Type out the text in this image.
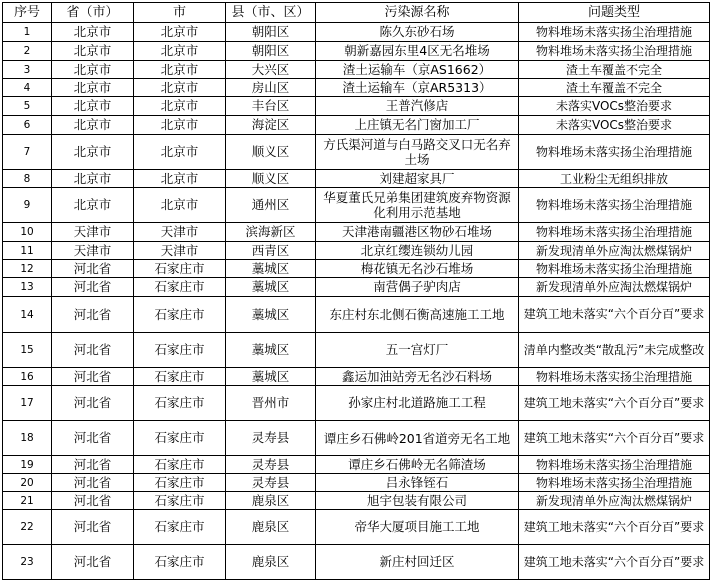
序号	省（市）	市	县（市、区）	污染源名称	问题类型
1	北京市	北京市	朝阳区	陈久东砂石场	物料堆场未落实扬尘治理措施
2	北京市	北京市	朝阳区	朝新嘉园东里4区无名堆场	物料堆场未落实扬尘治理措施
3	北京市	北京市	大兴区	渣土运输车（京AS1662）	渣土车覆盖不完全
4	北京市	北京市	房山区	渣土运输车（京AR5313）	渣土车覆盖不完全
5	北京市	北京市	丰台区	王普汽修店	未落实VOCs整治要求
6	北京市	北京市	海淀区	上庄镇无名门窗加工厂	未落实VOCs整治要求
7	北京市	北京市	顺义区	方氏渠河道与白马路交叉口无名弃土场	物料堆场未落实扬尘治理措施
8	北京市	北京市	顺义区	刘建超家具厂	工业粉尘无组织排放
9	北京市	北京市	通州区	华夏董氏兄弟集团建筑废弃物资源化利用示范基地	物料堆场未落实扬尘治理措施
10	天津市	天津市	滨海新区	天津港南疆港区物砂石堆场	物料堆场未落实扬尘治理措施
11	天津市	天津市	西青区	北京红缨连锁幼儿园	新发现清单外应淘汰燃煤锅炉
12	河北省	石家庄市	藁城区	梅花镇无名沙石堆场	物料堆场未落实扬尘治理措施
13	河北省	石家庄市	藁城区	南营偶子驴肉店	新发现清单外应淘汰燃煤锅炉
14	河北省	石家庄市	藁城区	东庄村东北侧石衡高速施工工地	建筑工地未落实“六个百分百”要求
15	河北省	石家庄市	藁城区	五一宫灯厂	清单内整改类“散乱污”未完成整改
16	河北省	石家庄市	藁城区	鑫运加油站旁无名沙石料场	物料堆场未落实扬尘治理措施
17	河北省	石家庄市	晋州市	孙家庄村北道路施工工程	建筑工地未落实“六个百分百”要求
18	河北省	石家庄市	灵寿县	谭庄乡石佛岭201省道旁无名工地	建筑工地未落实“六个百分百”要求
19	河北省	石家庄市	灵寿县	谭庄乡石佛岭无名筛渣场	物料堆场未落实扬尘治理措施
20	河北省	石家庄市	灵寿县	吕永锋铚石	物料堆场未落实扬尘治理措施
21	河北省	石家庄市	鹿泉区	旭宇包装有限公司	新发现清单外应淘汰燃煤锅炉
22	河北省	石家庄市	鹿泉区	帝华大厦项目施工工地	建筑工地未落实“六个百分百”要求
23	河北省	石家庄市	鹿泉区	新庄村回迁区	建筑工地未落实“六个百分百”要求
